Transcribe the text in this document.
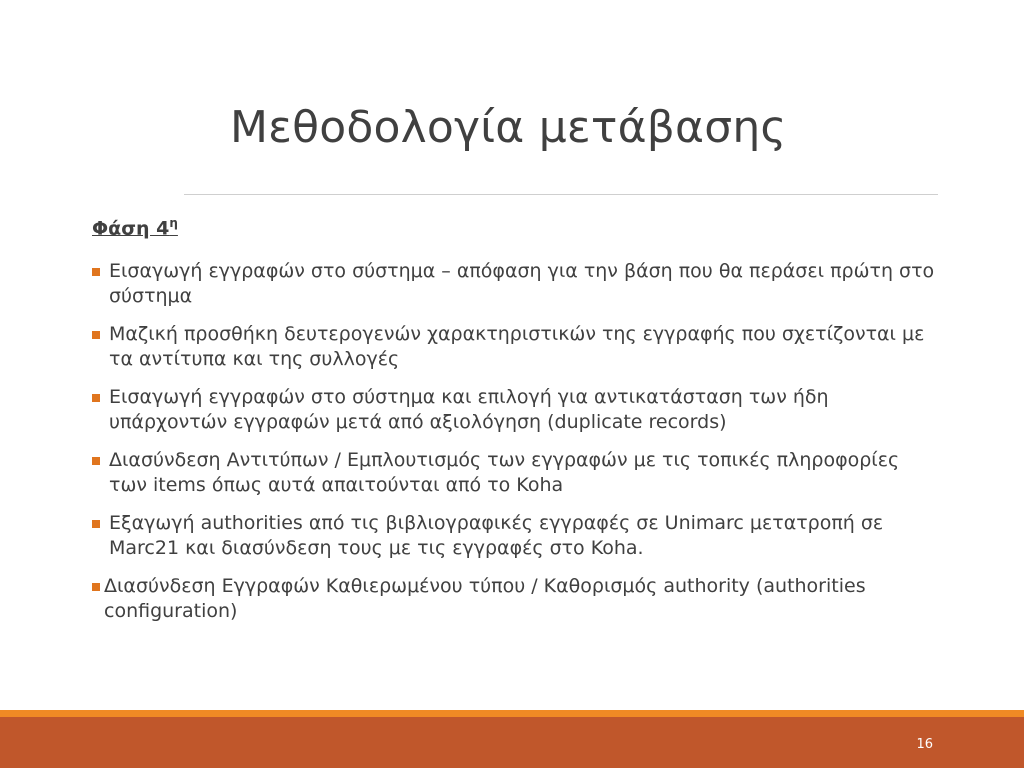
Μεθοδολογία μετάβασης
Φάση $4^\eta$
Εισαγωγή εγγραφών στο σύστημα – απόφαση για την βάση που θα περάσει πρώτη στο σύστημα
Μαζική προσθήκη δευτερογενών χαρακτηριστικών της εγγραφής που σχετίζονται με τα αντίτυπα και της συλλογές
Εισαγωγή εγγραφών στο σύστημα και επιλογή για αντικατάσταση των ήδη υπάρχοντών εγγραφών μετά από αξιολόγηση (duplicate records)
Διασύνδεση Αντιτύπων / Εμπλουτισμός των εγγραφών με τις τοπικές πληροφορίες των items όπως αυτά απαιτούνται από το Koha
Εξαγωγή authorities από τις βιβλιογραφικές εγγραφές σε Unimarc μετατροπή σε Marc21 και διασύνδεση τους με τις εγγραφές στο Koha.
Διασύνδεση Εγγραφών Καθιερωμένου τύπου / Καθορισμός authority (authorities configuration)
16
